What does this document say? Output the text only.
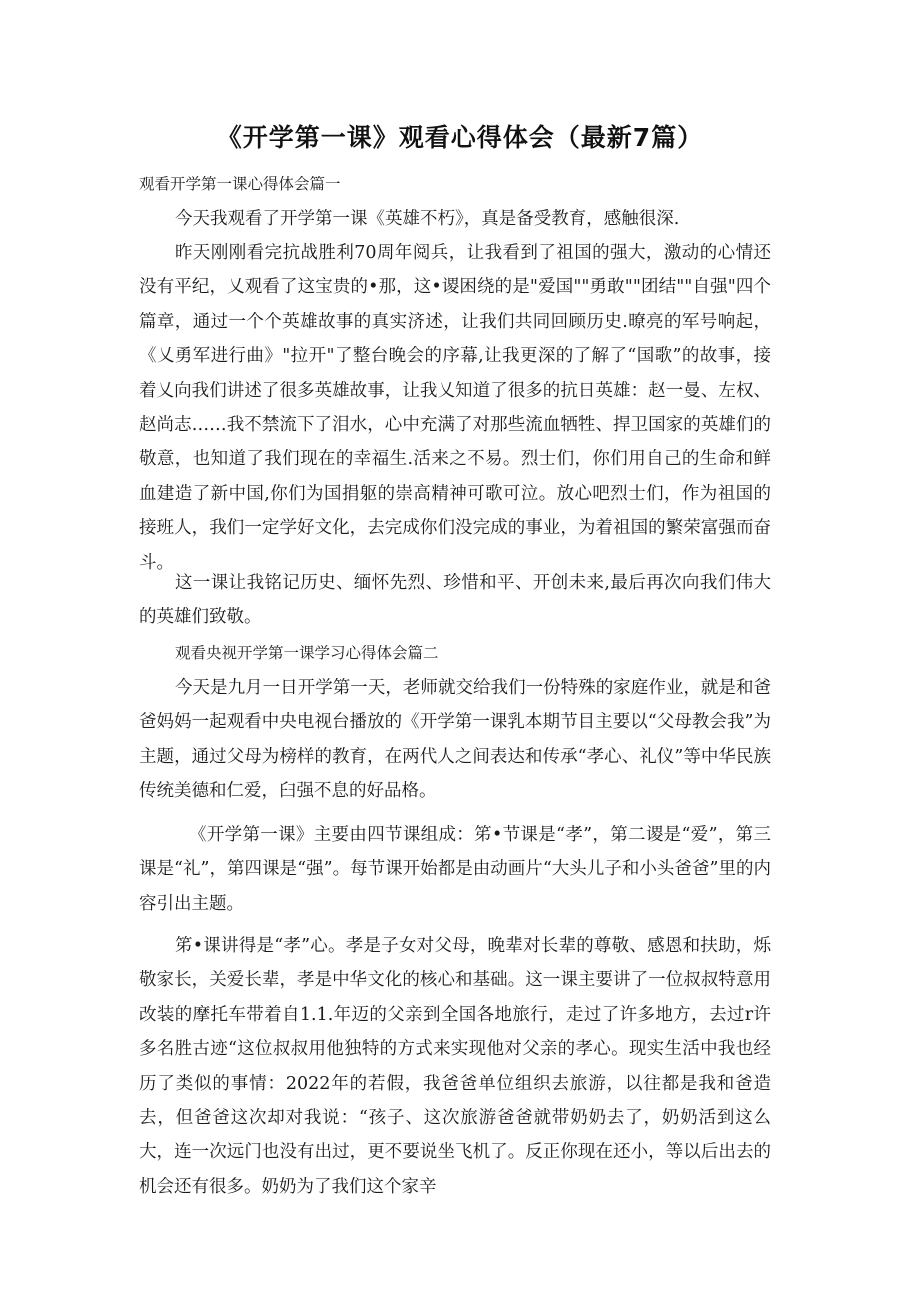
《开学第一课》观看心得体会（最新7篇）
观看开学第一课心得体会篇一

今天我观看了开学第一课《英雄不朽》，真是备受教育，感触很深.

昨天刚刚看完抗战胜利70周年阅兵，让我看到了祖国的强大，激动的心情还没有平纪，乂观看了这宝贵的•那，这•谡困绕的是"爱国""勇敢""团结""自强"四个篇章，通过一个个英雄故事的真实济述，让我们共同回顾历史.暸亮的军号响起，《乂勇军进行曲》"拉开"了整台晚会的序幕,让我更深的了解了“国歌”的故事，接着乂向我们讲述了很多英雄故事，让我乂知道了很多的抗日英雄：赵一曼、左权、赵尚志……我不禁流下了泪水，心中充满了对那些流血牺牲、捍卫国家的英雄们的敬意，也知道了我们现在的幸福生.活来之不易。烈士们，你们用自己的生命和鲜血建造了新中国,你们为国捐躯的崇高精神可歌可泣。放心吧烈士们，作为祖国的接班人，我们一定学好文化，去完成你们没完成的事业，为着祖国的繁荣富强而奋斗。

这一课让我铭记历史、缅怀先烈、珍惜和平、开创未来,最后再次向我们伟大的英雄们致敬。

观看央视开学第一课学习心得体会篇二

今天是九月一日开学第一天，老师就交给我们一份特殊的家庭作业，就是和爸爸妈妈一起观看中央电视台播放的《开学第一课乳本期节目主要以“父母教会我”为主题，通过父母为榜样的教育，在两代人之间表达和传承“孝心、礼仪”等中华民族传统美德和仁爱，臼强不息的好品格。

《开学第一课》主要由四节课组成：笫•节课是“孝”，第二谡是“爱”，第三课是“礼”，第四课是“强”。每节课开始都是由动画片“大头儿子和小头爸爸”里的内容引出主题。

笫•课讲得是“孝”心。孝是子女对父母，晚辈对长辈的尊敬、感恩和扶助，烁敬家长，关爱长辈，孝是中华文化的核心和基础。这一课主要讲了一位叔叔特意用改装的摩托车带着自1.1.年迈的父亲到全国各地旅行，走过了许多地方，去过r许多名胜古迹“这位叔叔用他独特的方式来实现他对父亲的孝心。现实生活中我也经历了类似的事情：2022年的若假，我爸爸单位组织去旅游，以往都是我和爸造去，但爸爸这次却对我说：“孩子、这次旅游爸爸就带奶奶去了，奶奶活到这么大，连一次远门也没有出过，更不要说坐飞机了。反正你现在还小，等以后出去的机会还有很多。奶奶为了我们这个家辛
